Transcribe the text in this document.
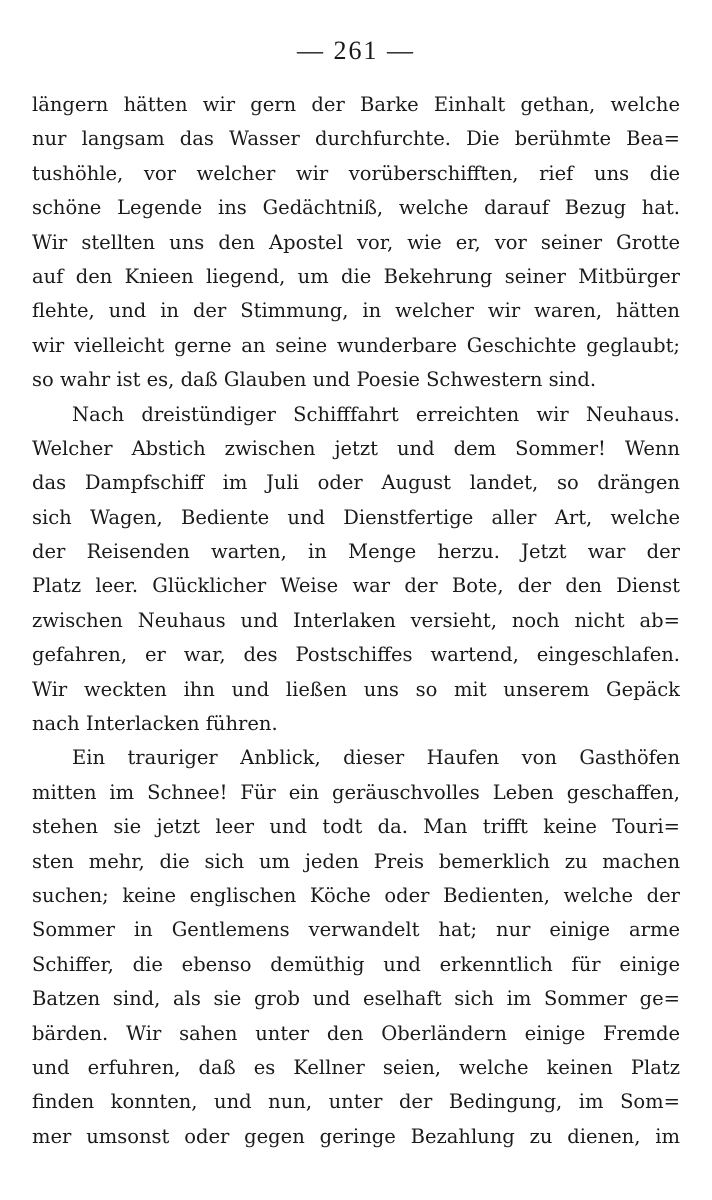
— 261 —
längern hätten wir gern der Barke Einhalt gethan, welche
nur langsam das Wasser durchfurchte. Die berühmte Bea=
tushöhle, vor welcher wir vorüberschifften, rief uns die
schöne Legende ins Gedächtniß, welche darauf Bezug hat.
Wir stellten uns den Apostel vor, wie er, vor seiner Grotte
auf den Knieen liegend, um die Bekehrung seiner Mitbürger
flehte, und in der Stimmung, in welcher wir waren, hätten
wir vielleicht gerne an seine wunderbare Geschichte geglaubt;
so wahr ist es, daß Glauben und Poesie Schwestern sind.
Nach dreistündiger Schifffahrt erreichten wir Neuhaus.
Welcher Abstich zwischen jetzt und dem Sommer! Wenn
das Dampfschiff im Juli oder August landet, so drängen
sich Wagen, Bediente und Dienstfertige aller Art, welche
der Reisenden warten, in Menge herzu. Jetzt war der
Platz leer. Glücklicher Weise war der Bote, der den Dienst
zwischen Neuhaus und Interlaken versieht, noch nicht ab=
gefahren, er war, des Postschiffes wartend, eingeschlafen.
Wir weckten ihn und ließen uns so mit unserem Gepäck
nach Interlacken führen.
Ein trauriger Anblick, dieser Haufen von Gasthöfen
mitten im Schnee! Für ein geräuschvolles Leben geschaffen,
stehen sie jetzt leer und todt da. Man trifft keine Touri=
sten mehr, die sich um jeden Preis bemerklich zu machen
suchen; keine englischen Köche oder Bedienten, welche der
Sommer in Gentlemens verwandelt hat; nur einige arme
Schiffer, die ebenso demüthig und erkenntlich für einige
Batzen sind, als sie grob und eselhaft sich im Sommer ge=
bärden. Wir sahen unter den Oberländern einige Fremde
und erfuhren, daß es Kellner seien, welche keinen Platz
finden konnten, und nun, unter der Bedingung, im Som=
mer umsonst oder gegen geringe Bezahlung zu dienen, im
